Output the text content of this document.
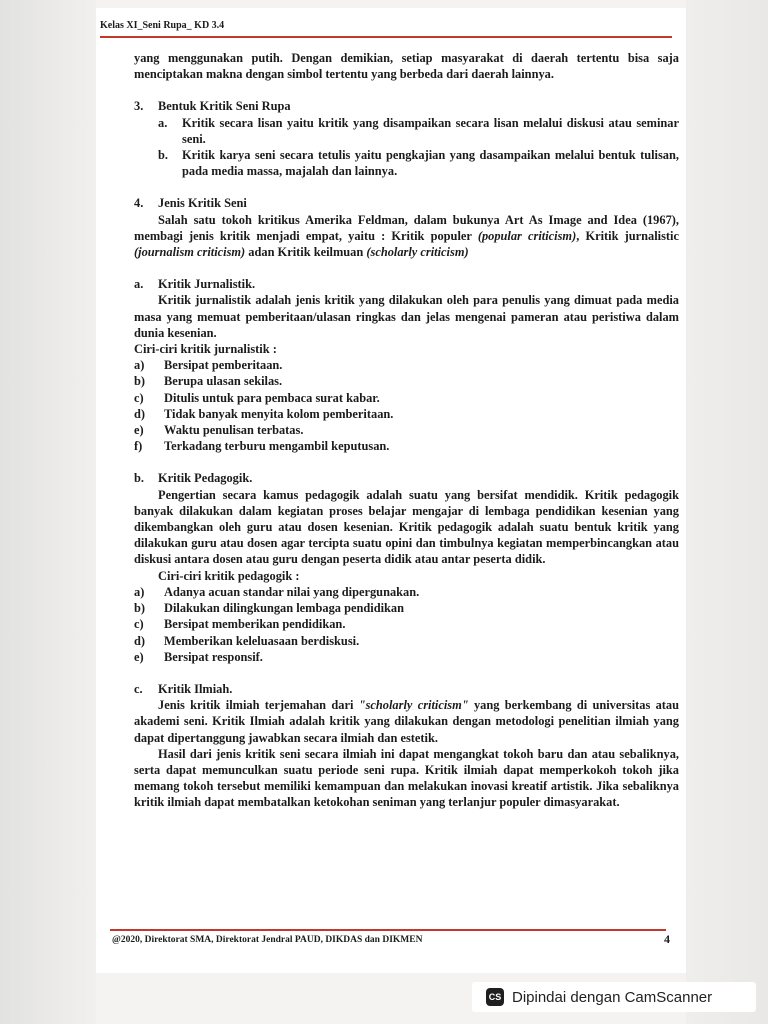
Kelas XI_Seni Rupa_ KD 3.4

yang menggunakan putih. Dengan demikian, setiap masyarakat di daerah tertentu bisa saja menciptakan makna dengan simbol tertentu yang berbeda dari daerah lainnya.

3.	Bentuk Kritik Seni Rupa
a.	Kritik secara lisan yaitu kritik yang disampaikan secara lisan melalui diskusi atau seminar seni.
b.	Kritik karya seni secara tetulis yaitu pengkajian yang dasampaikan melalui bentuk tulisan, pada media massa, majalah dan lainnya.
4.	Jenis Kritik Seni

Salah satu tokoh kritikus Amerika Feldman, dalam bukunya Art As Image and Idea (1967), membagi jenis kritik menjadi empat, yaitu : Kritik populer (popular criticism), Kritik jurnalistic (journalism criticism) adan Kritik keilmuan (scholarly criticism)

a.	Kritik Jurnalistik.

Kritik jurnalistik adalah jenis kritik yang dilakukan oleh para penulis yang dimuat pada media masa yang memuat pemberitaan/ulasan ringkas dan jelas mengenai pameran atau peristiwa dalam dunia kesenian.

Ciri-ciri kritik jurnalistik :

a)	Bersipat pemberitaan.
b)	Berupa ulasan sekilas.
c)	Ditulis untuk para pembaca surat kabar.
d)	Tidak banyak menyita kolom pemberitaan.
e)	Waktu penulisan terbatas.
f)	Terkadang terburu mengambil keputusan.
b.	Kritik Pedagogik.

Pengertian secara kamus pedagogik adalah suatu yang bersifat mendidik. Kritik pedagogik banyak dilakukan dalam kegiatan proses belajar mengajar di lembaga pendidikan kesenian yang dikembangkan oleh guru atau dosen kesenian. Kritik pedagogik adalah suatu bentuk kritik yang dilakukan guru atau dosen agar tercipta suatu opini dan timbulnya kegiatan memperbincangkan atau diskusi antara dosen atau guru dengan peserta didik atau antar peserta didik.

Ciri-ciri kritik pedagogik :

a)	Adanya acuan standar nilai yang dipergunakan.
b)	Dilakukan dilingkungan lembaga pendidikan
c)	Bersipat memberikan pendidikan.
d)	Memberikan keleluasaan berdiskusi.
e)	Bersipat responsif.
c.	Kritik Ilmiah.

Jenis kritik ilmiah terjemahan dari "scholarly criticism" yang berkembang di universitas atau akademi seni. Kritik Ilmiah adalah kritik yang dilakukan dengan metodologi penelitian ilmiah yang dapat dipertanggung jawabkan secara ilmiah dan estetik.

Hasil dari jenis kritik seni secara ilmiah ini dapat mengangkat tokoh baru dan atau sebaliknya, serta dapat memunculkan suatu periode seni rupa. Kritik ilmiah dapat memperkokoh tokoh jika memang tokoh tersebut memiliki kemampuan dan melakukan inovasi kreatif artistik. Jika sebaliknya kritik ilmiah dapat membatalkan ketokohan seniman yang terlanjur populer dimasyarakat.

@2020, Direktorat SMA, Direktorat Jendral PAUD, DIKDAS dan DIKMEN	4
CS Dipindai dengan CamScanner
